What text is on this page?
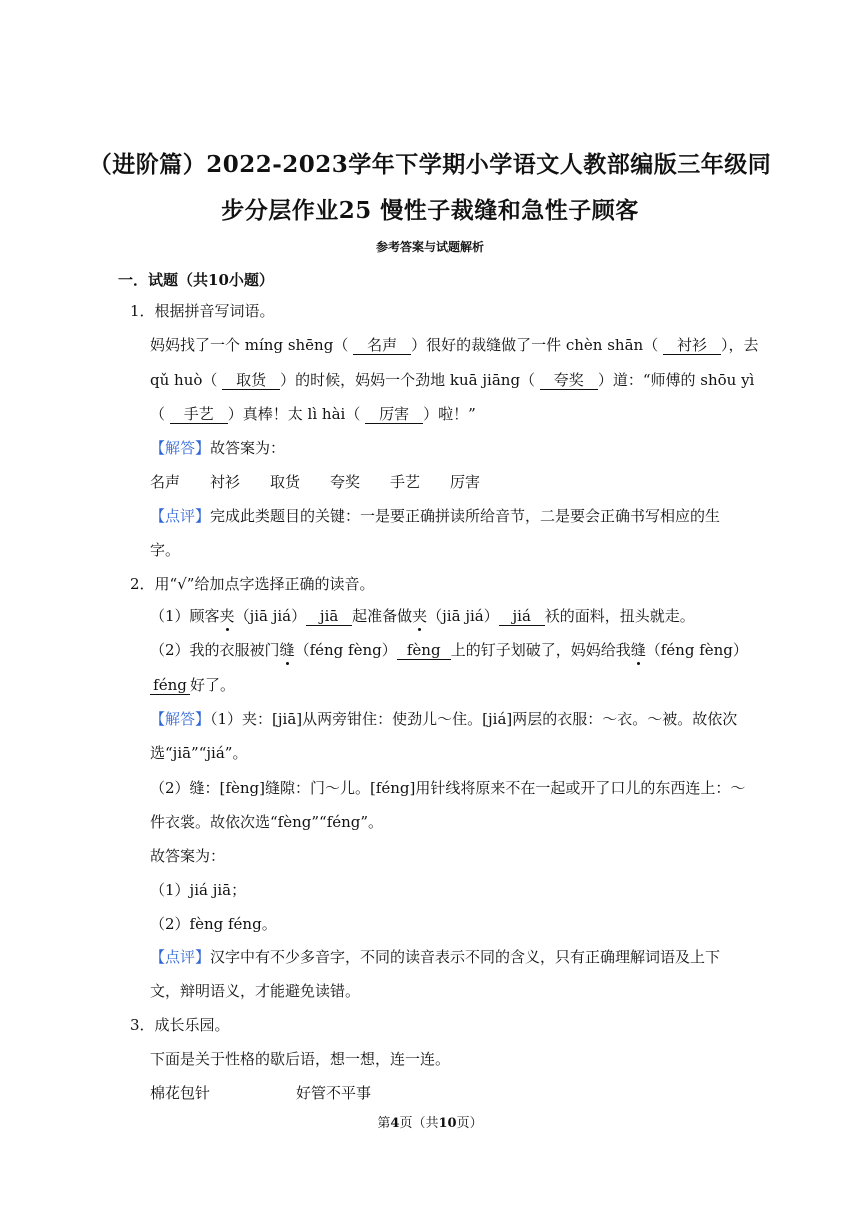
（进阶篇）2022-2023学年下学期小学语文人教部编版三年级同
步分层作业25 慢性子裁缝和急性子顾客
参考答案与试题解析
一．试题（共10小题）
1．根据拼音写词语。
妈妈找了一个 míng shēng（ 名声 ）很好的裁缝做了一件 chèn shān（ 衬衫 ），去
qǔ huò（ 取货 ）的时候，妈妈一个劲地 kuā jiāng（ 夸奖 ）道：“师傅的 shōu yì
（ 手艺 ）真棒！太 lì hài（ 厉害 ）啦！”
【解答】故答案为：
名声 衬衫 取货 夸奖 手艺 厉害
【点评】完成此类题目的关键：一是要正确拼读所给音节，二是要会正确书写相应的生
字。
2．用“√”给加点字选择正确的读音。
（1）顾客夹（jiā jiá） jiā 起准备做夹（jiā jiá） jiá 袄的面料，扭头就走。
（2）我的衣服被门缝（féng fèng） fèng 上的钉子划破了，妈妈给我缝（féng fèng）
féng 好了。
【解答】（1）夹：[jiā]从两旁钳住：使劲儿～住。[jiá]两层的衣服：～衣。～被。故依次
选“jiā”“jiá”。
（2）缝：[fèng]缝隙：门～儿。[féng]用针线将原来不在一起或开了口儿的东西连上：～
件衣裳。故依次选“fèng”“féng”。
故答案为：
（1）jiá jiā；
（2）fèng féng。
【点评】汉字中有不少多音字，不同的读音表示不同的含义，只有正确理解词语及上下
文，辩明语义，才能避免读错。
3．成长乐园。
下面是关于性格的歇后语，想一想，连一连。
棉花包针	好管不平事
第4页（共10页）
